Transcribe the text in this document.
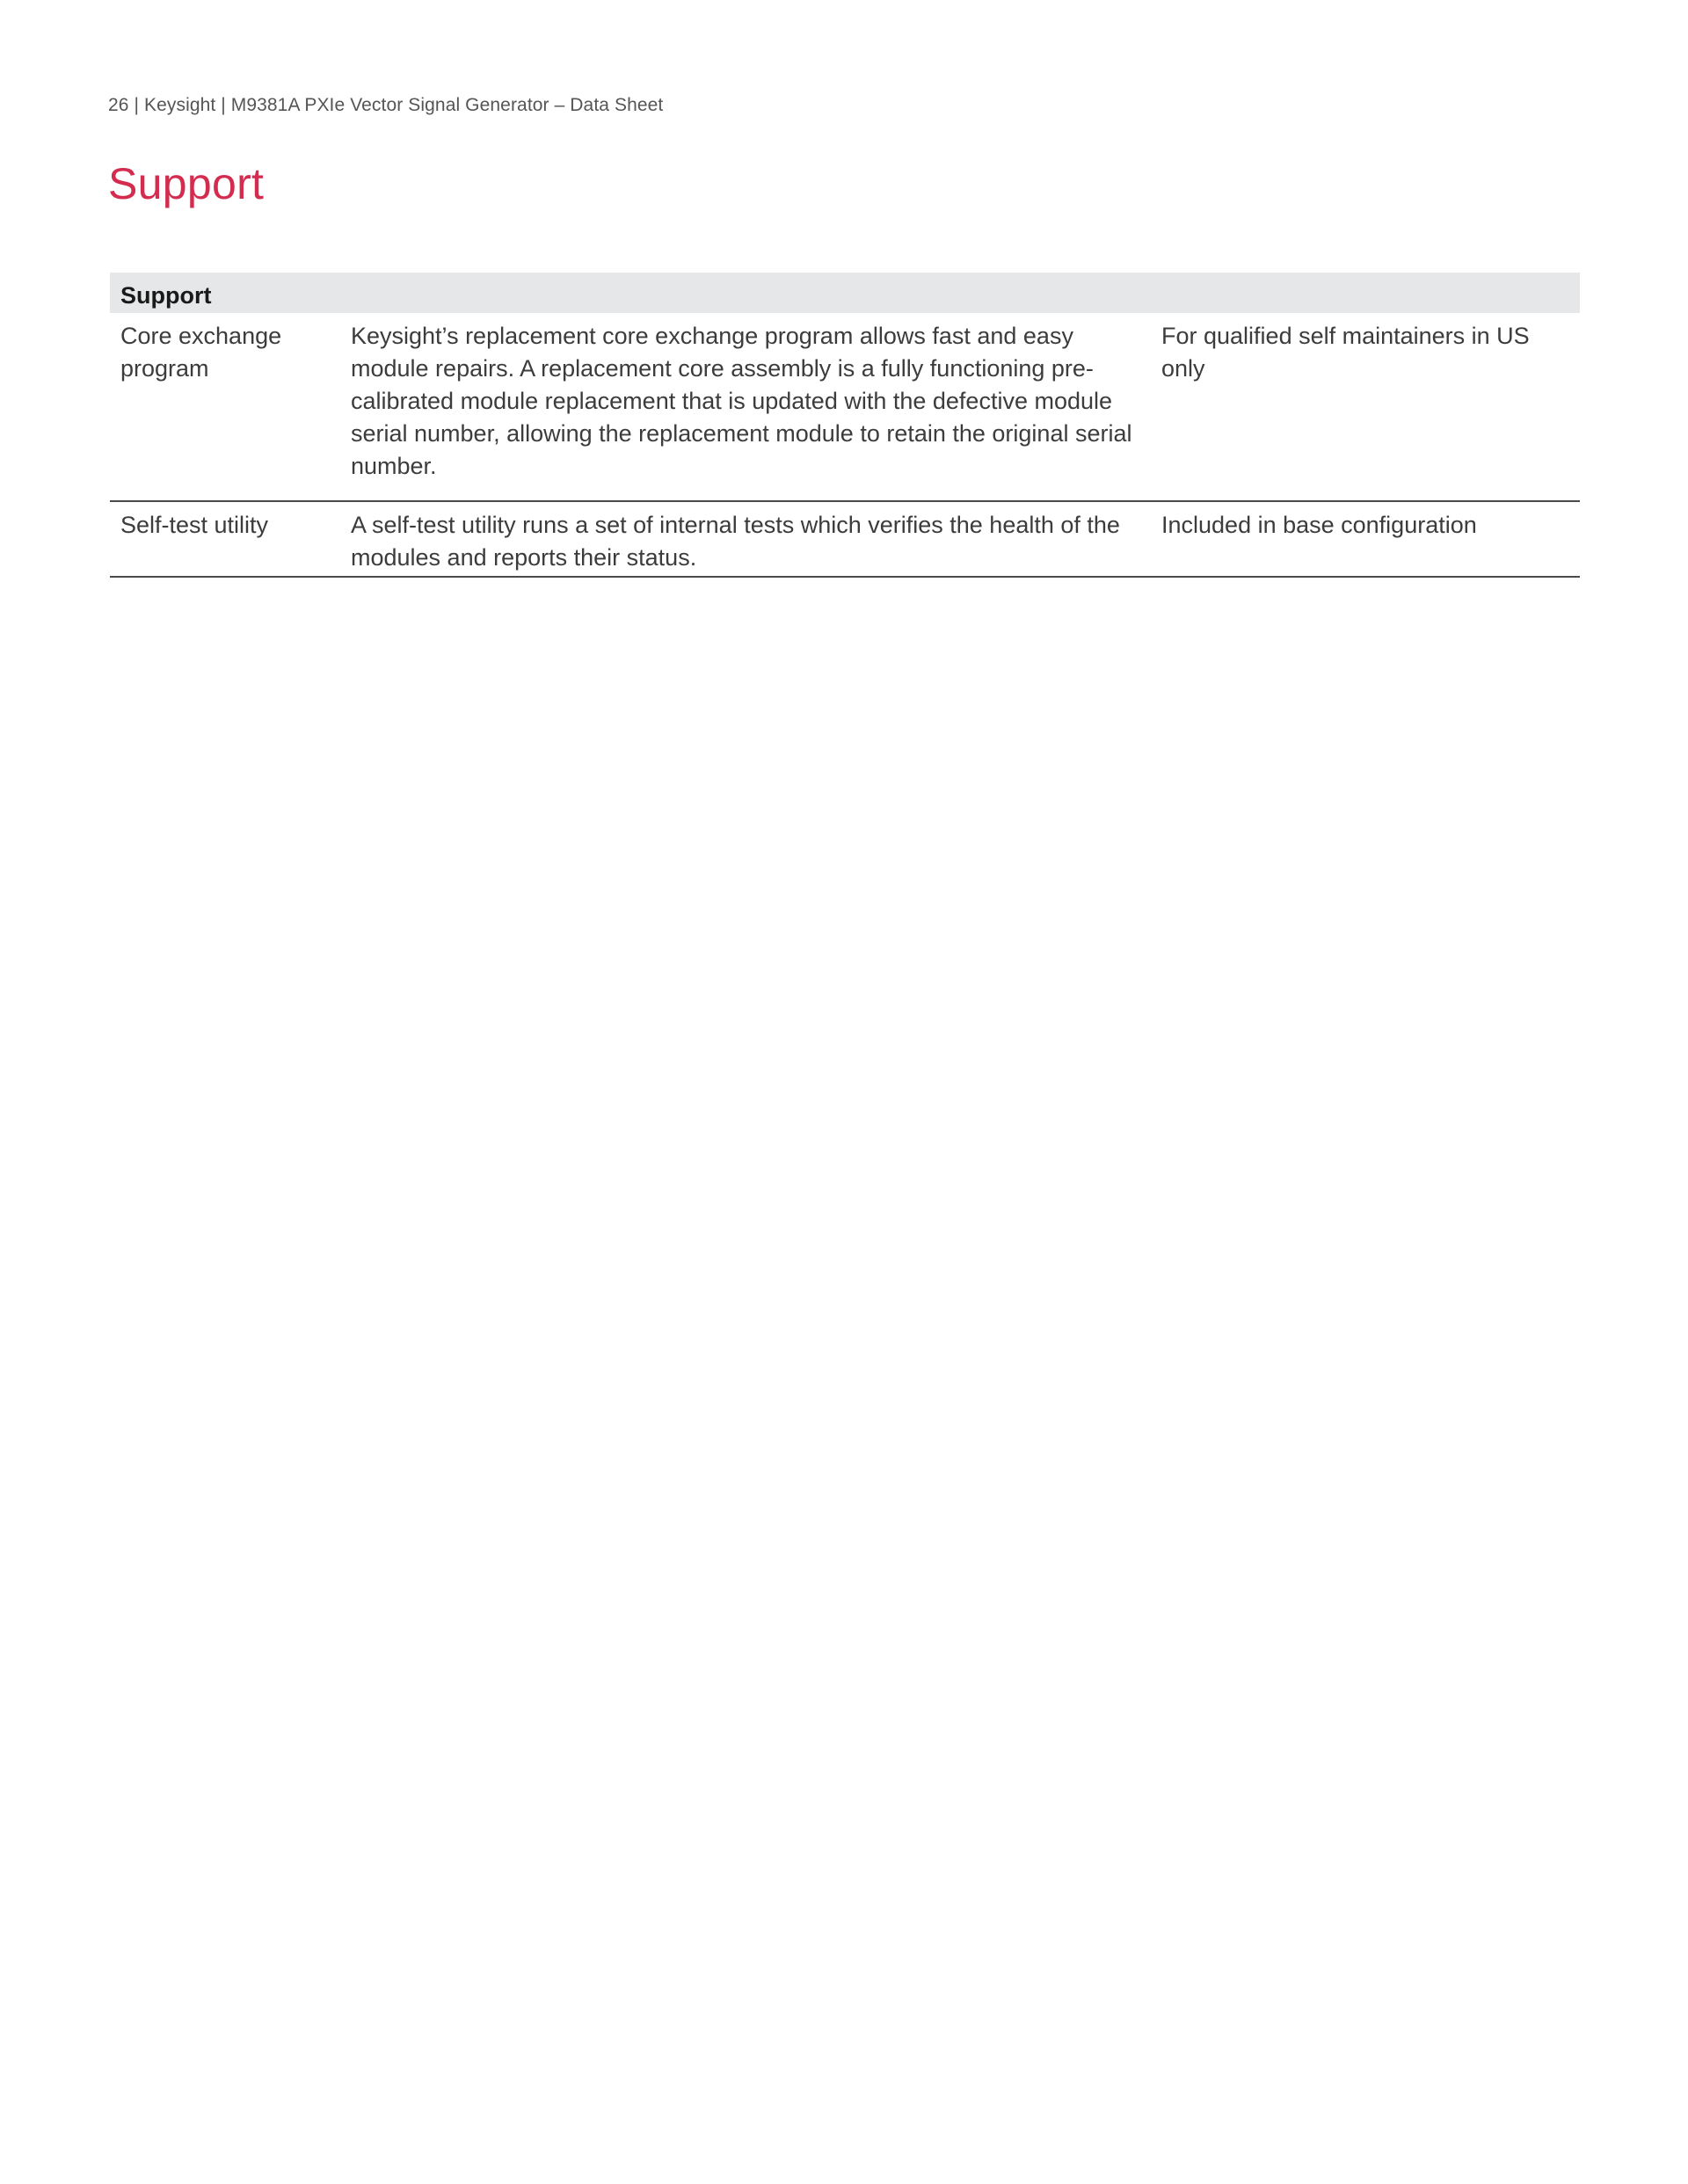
26 | Keysight | M9381A PXIe Vector Signal Generator – Data Sheet
Support
Support		
Core exchange program	Keysight’s replacement core exchange program allows fast and easy module repairs. A replacement core assembly is a fully functioning pre-calibrated module replacement that is updated with the defective module serial number, allowing the replacement module to retain the original serial number.	For qualified self maintainers in US only
Self-test utility	A self-test utility runs a set of internal tests which verifies the health of the modules and reports their status.	Included in base configuration
